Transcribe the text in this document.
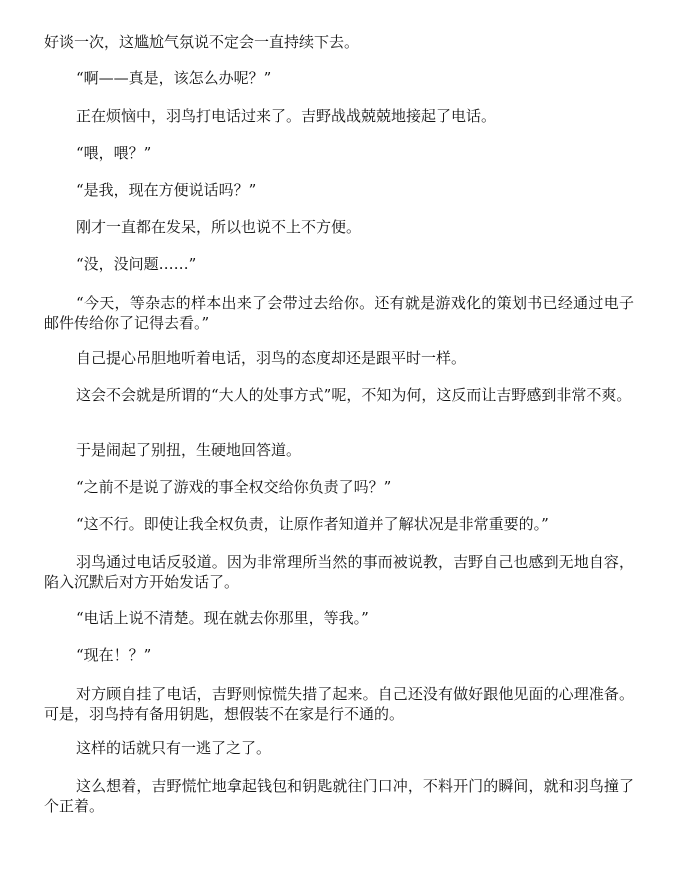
好谈一次，这尴尬气氛说不定会一直持续下去。

“啊——真是，该怎么办呢？”

正在烦恼中，羽鸟打电话过来了。吉野战战兢兢地接起了电话。

“喂，喂？”

“是我，现在方便说话吗？”

刚才一直都在发呆，所以也说不上不方便。

“没，没问题……”

“今天，等杂志的样本出来了会带过去给你。还有就是游戏化的策划书已经通过电子邮件传给你了记得去看。”

自己提心吊胆地听着电话，羽鸟的态度却还是跟平时一样。

这会不会就是所谓的“大人的处事方式”呢，不知为何，这反而让吉野感到非常不爽。

于是闹起了别扭，生硬地回答道。

“之前不是说了游戏的事全权交给你负责了吗？”

“这不行。即使让我全权负责，让原作者知道并了解状况是非常重要的。”

羽鸟通过电话反驳道。因为非常理所当然的事而被说教，吉野自己也感到无地自容，陷入沉默后对方开始发话了。

“电话上说不清楚。现在就去你那里，等我。”

“现在！？”

对方顾自挂了电话，吉野则惊慌失措了起来。自己还没有做好跟他见面的心理准备。可是，羽鸟持有备用钥匙，想假装不在家是行不通的。

这样的话就只有一逃了之了。

这么想着，吉野慌忙地拿起钱包和钥匙就往门口冲，不料开门的瞬间，就和羽鸟撞了个正着。
